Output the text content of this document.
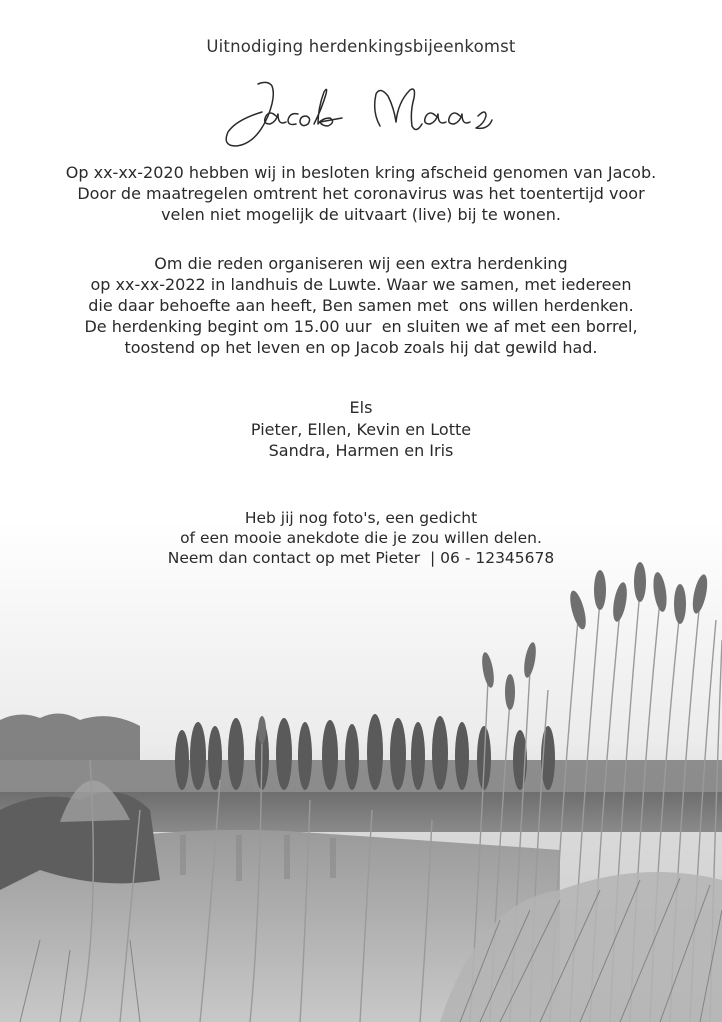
Uitnodiging herdenkingsbijeenkomst
Op xx-xx-2020 hebben wij in besloten kring afscheid genomen van Jacob.
Door de maatregelen omtrent het coronavirus was het toentertijd voor
velen niet mogelijk de uitvaart (live) bij te wonen.
Om die reden organiseren wij een extra herdenking
op xx-xx-2022 in landhuis de Luwte. Waar we samen, met iedereen
die daar behoefte aan heeft, Ben samen met  ons willen herdenken.
De herdenking begint om 15.00 uur  en sluiten we af met een borrel,
toostend op het leven en op Jacob zoals hij dat gewild had.
Els
Pieter, Ellen, Kevin en Lotte
Sandra, Harmen en Iris
Heb jij nog foto's, een gedicht
of een mooie anekdote die je zou willen delen.
Neem dan contact op met Pieter  | 06 - 12345678
